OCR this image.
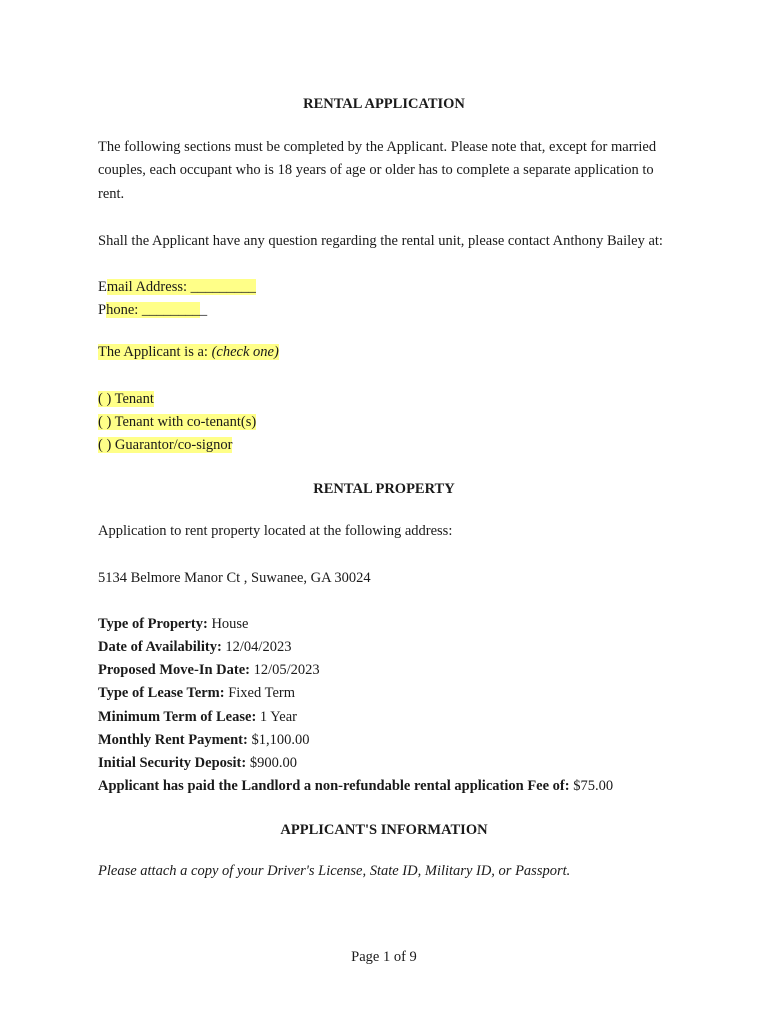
RENTAL APPLICATION
The following sections must be completed by the Applicant. Please note that, except for married couples, each occupant who is 18 years of age or older has to complete a separate application to rent.
Shall the Applicant have any question regarding the rental unit, please contact Anthony Bailey at:
Email Address: _________
Phone: _________
The Applicant is a: (check one)
( ) Tenant
( ) Tenant with co-tenant(s)
( ) Guarantor/co-signor
RENTAL PROPERTY
Application to rent property located at the following address:
5134 Belmore Manor Ct , Suwanee, GA 30024
Type of Property: House
Date of Availability: 12/04/2023
Proposed Move-In Date: 12/05/2023
Type of Lease Term: Fixed Term
Minimum Term of Lease: 1 Year
Monthly Rent Payment: $1,100.00
Initial Security Deposit: $900.00
Applicant has paid the Landlord a non-refundable rental application Fee of: $75.00
APPLICANT'S INFORMATION
Please attach a copy of your Driver's License, State ID, Military ID, or Passport.
Page 1 of 9
